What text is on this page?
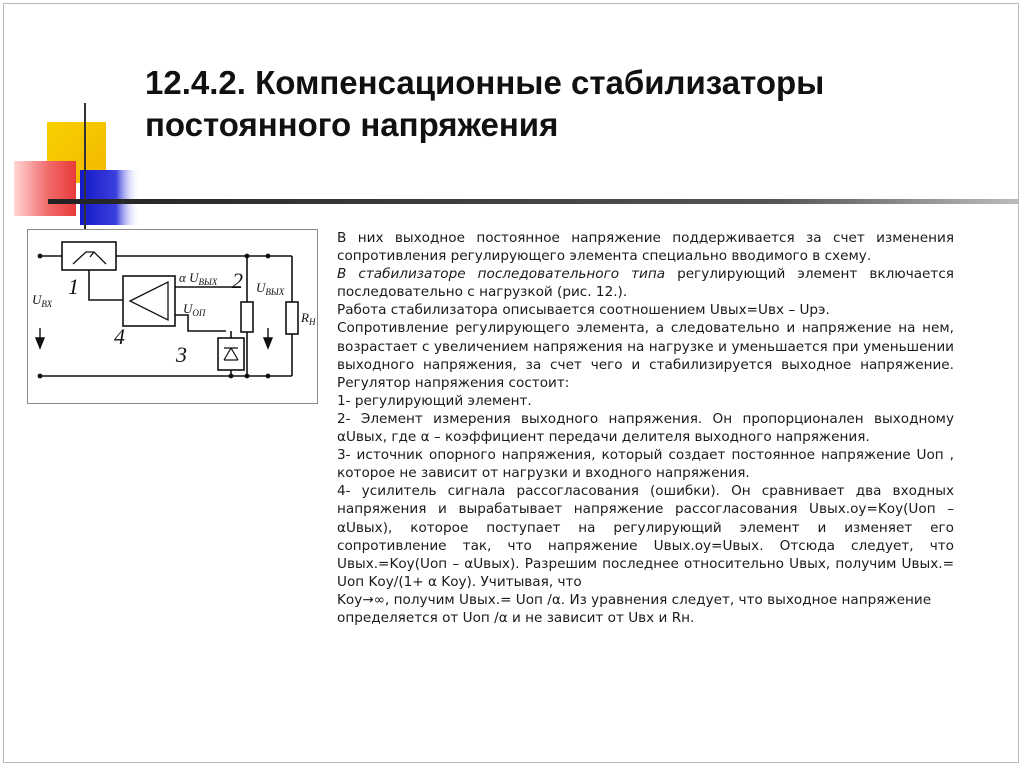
12.4.2. Компенсационные стабилизаторы
постоянного напряжения
$U_{ВХ}$
α $U_{ВЫХ}$	$U_{ВЫХ}$
$U_{ОП}$	$R_Н$
1	2
3
4

В них выходное постоянное напряжение поддерживается за счет изменения сопротивления регулирующего элемента специально вводимого в схему.

В стабилизаторе последовательного типа регулирующий элемент включается последовательно с нагрузкой (рис. 12.).

Работа стабилизатора описывается соотношением Uвых=Uвх – Uрэ.

Сопротивление регулирующего элемента, а следовательно и напряжение на нем, возрастает с увеличением напряжения на нагрузке и уменьшается при уменьшении выходного напряжения, за счет чего и стабилизируется выходное напряжение. Регулятор напряжения состоит:

1- регулирующий элемент.

2- Элемент измерения выходного напряжения. Он пропорционален выходному αUвых, где α – коэффициент передачи делителя выходного напряжения.

3- источник опорного напряжения, который создает постоянное напряжение Uоп , которое не зависит от нагрузки и входного напряжения.

4- усилитель сигнала рассогласования (ошибки). Он сравнивает два входных напряжения и вырабатывает напряжение рассогласования Uвых.оу=Kоу(Uоп – αUвых), которое поступает на регулирующий элемент и изменяет его сопротивление так, что напряжение Uвых.оу=Uвых. Отсюда следует, что Uвых.=Kоу(Uоп – αUвых). Разрешим последнее относительно Uвых, получим Uвых.= Uоп Kоу/(1+ α Kоу). Учитывая, что

Kоу→∞, получим Uвых.= Uоп /α. Из уравнения следует, что выходное напряжение определяется от Uоп /α и не зависит от Uвх и Rн.
